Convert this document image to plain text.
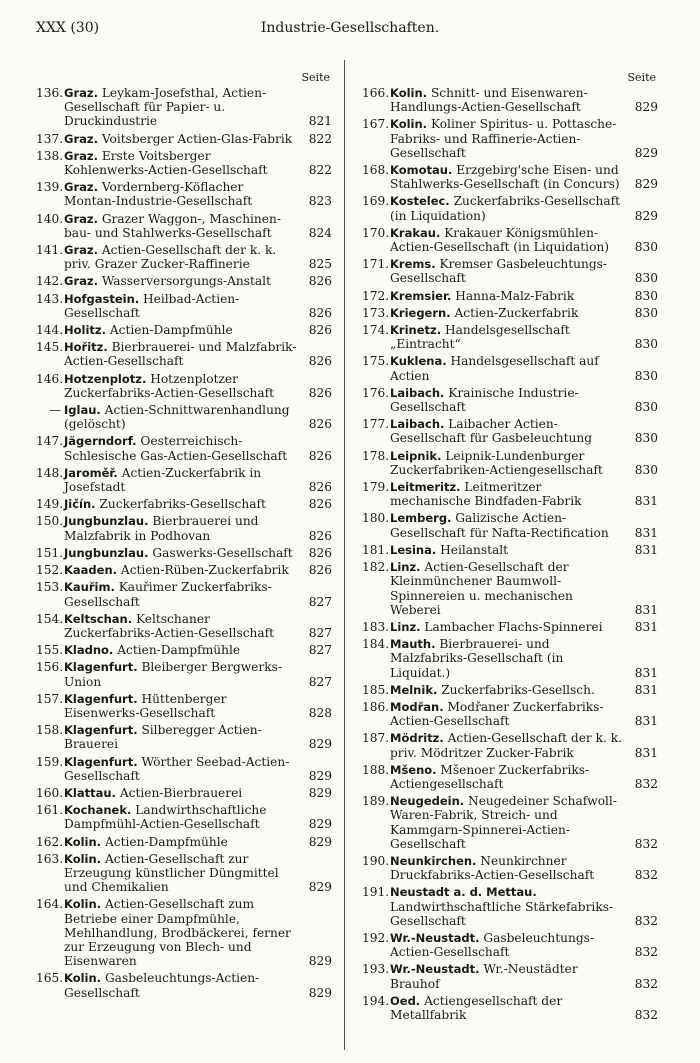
XXX (30)	Industrie-Gesellschaften.
Seite
136. Graz. Leykam-Josefsthal, Actien-Gesellschaft für Papier- u. Druckindustrie	821
137. Graz. Voitsberger Actien-Glas-Fabrik	822
138. Graz. Erste Voitsberger Kohlenwerks-Actien-Gesellschaft	822
139. Graz. Vordernberg-Köflacher Montan-Industrie-Gesellschaft	823
140. Graz. Grazer Waggon-, Maschinen-bau- und Stahlwerks-Gesellschaft	824
141. Graz. Actien-Gesellschaft der k. k. priv. Grazer Zucker-Raffinerie	825
142. Graz. Wasserversorgungs-Anstalt	826
143. Hofgastein. Heilbad-Actien-Gesellschaft	826
144. Holitz. Actien-Dampfmühle	826
145. Hořitz. Bierbrauerei- und Malzfabrik-Actien-Gesellschaft	826
146. Hotzenplotz. Hotzenplotzer Zuckerfabriks-Actien-Gesellschaft	826
— Iglau. Actien-Schnittwarenhandlung (gelöscht)	826
147. Jägerndorf. Oesterreichisch-Schlesische Gas-Actien-Gesellschaft	826
148. Jaroměř. Actien-Zuckerfabrik in Josefstadt	826
149. Jičín. Zuckerfabriks-Gesellschaft	826
150. Jungbunzlau. Bierbrauerei und Malzfabrik in Podhovan	826
151. Jungbunzlau. Gaswerks-Gesellschaft	826
152. Kaaden. Actien-Rüben-Zuckerfabrik	826
153. Kauřim. Kauřimer Zuckerfabriks-Gesellschaft	827
154. Keltschan. Keltschaner Zuckerfabriks-Actien-Gesellschaft	827
155. Kladno. Actien-Dampfmühle	827
156. Klagenfurt. Bleiberger Bergwerks-Union	827
157. Klagenfurt. Hüttenberger Eisenwerks-Gesellschaft	828
158. Klagenfurt. Silberegger Actien-Brauerei	829
159. Klagenfurt. Wörther Seebad-Actien-Gesellschaft	829
160. Klattau. Actien-Bierbrauerei	829
161. Kochanek. Landwirthschaftliche Dampfmühl-Actien-Gesellschaft	829
162. Kolin. Actien-Dampfmühle	829
163. Kolin. Actien-Gesellschaft zur Erzeugung künstlicher Düngmittel und Chemikalien	829
164. Kolin. Actien-Gesellschaft zum Betriebe einer Dampfmühle, Mehlhandlung, Brodbäckerei, ferner zur Erzeugung von Blech- und Eisenwaren	829
165. Kolin. Gasbeleuchtungs-Actien-Gesellschaft	829
Seite
166. Kolin. Schnitt- und Eisenwaren-Handlungs-Actien-Gesellschaft	829
167. Kolin. Koliner Spiritus- u. Pottasche-Fabriks- und Raffinerie-Actien-Gesellschaft	829
168. Komotau. Erzgebirg'sche Eisen- und Stahlwerks-Gesellschaft (in Concurs)	829
169. Kostelec. Zuckerfabriks-Gesellschaft (in Liquidation)	829
170. Krakau. Krakauer Königsmühlen-Actien-Gesellschaft (in Liquidation)	830
171. Krems. Kremser Gasbeleuchtungs-Gesellschaft	830
172. Kremsier. Hanna-Malz-Fabrik	830
173. Kriegern. Actien-Zuckerfabrik	830
174. Krinetz. Handelsgesellschaft „Eintracht“	830
175. Kuklena. Handelsgesellschaft auf Actien	830
176. Laibach. Krainische Industrie-Gesellschaft	830
177. Laibach. Laibacher Actien-Gesellschaft für Gasbeleuchtung	830
178. Leipnik. Leipnik-Lundenburger Zuckerfabriken-Actiengesellschaft	830
179. Leitmeritz. Leitmeritzer mechanische Bindfaden-Fabrik	831
180. Lemberg. Galizische Actien-Gesellschaft für Nafta-Rectification	831
181. Lesina. Heilanstalt	831
182. Linz. Actien-Gesellschaft der Kleinmünchener Baumwoll-Spinnereien u. mechanischen Weberei	831
183. Linz. Lambacher Flachs-Spinnerei	831
184. Mauth. Bierbrauerei- und Malzfabriks-Gesellschaft (in Liquidat.)	831
185. Melnik. Zuckerfabriks-Gesellsch.	831
186. Modřan. Modřaner Zuckerfabriks-Actien-Gesellschaft	831
187. Mödritz. Actien-Gesellschaft der k. k. priv. Mödritzer Zucker-Fabrik	831
188. Mšeno. Mšenoer Zuckerfabriks-Actiengesellschaft	832
189. Neugedein. Neugedeiner Schafwoll-Waren-Fabrik, Streich- und Kammgarn-Spinnerei-Actien-Gesellschaft	832
190. Neunkirchen. Neunkirchner Druckfabriks-Actien-Gesellschaft	832
191. Neustadt a. d. Mettau. Landwirthschaftliche Stärkefabriks-Gesellschaft	832
192. Wr.-Neustadt. Gasbeleuchtungs-Actien-Gesellschaft	832
193. Wr.-Neustadt. Wr.-Neustädter Brauhof	832
194. Oed. Actiengesellschaft der Metallfabrik	832
